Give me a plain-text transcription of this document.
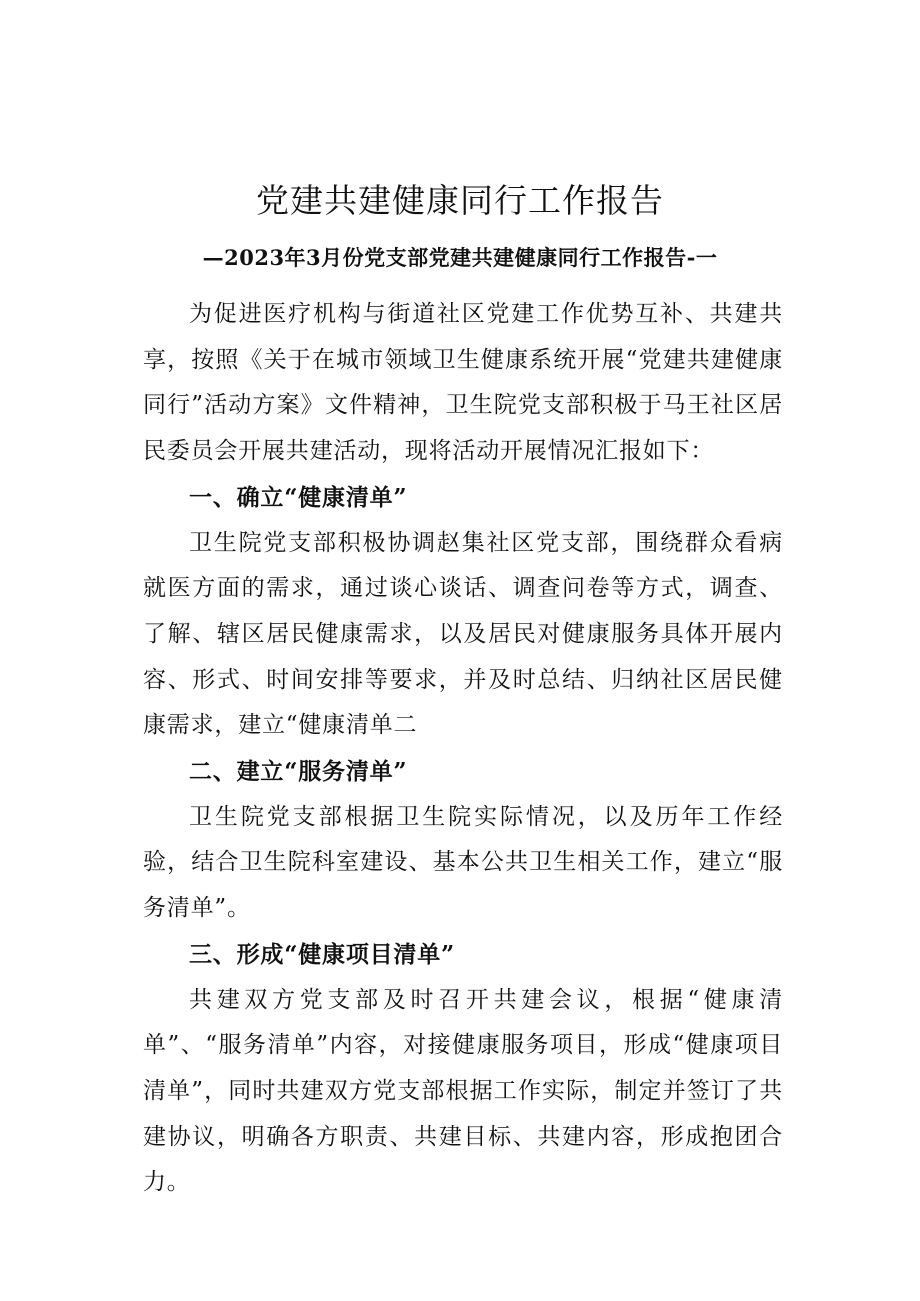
党建共建健康同行工作报告
—2023年3月份党支部党建共建健康同行工作报告-一

为促进医疗机构与街道社区党建工作优势互补、共建共享，按照《关于在城市领域卫生健康系统开展“党建共建健康同行”活动方案》文件精神，卫生院党支部积极于马王社区居民委员会开展共建活动，现将活动开展情况汇报如下：

一、确立“健康清单”

卫生院党支部积极协调赵集社区党支部，围绕群众看病就医方面的需求，通过谈心谈话、调查问卷等方式，调查、了解、辖区居民健康需求，以及居民对健康服务具体开展内容、形式、时间安排等要求，并及时总结、归纳社区居民健康需求，建立“健康清单二

二、建立“服务清单”

卫生院党支部根据卫生院实际情况，以及历年工作经验，结合卫生院科室建设、基本公共卫生相关工作，建立“服务清单”。

三、形成“健康项目清单”

共建双方党支部及时召开共建会议，根据“健康清单”、“服务清单”内容，对接健康服务项目，形成“健康项目清单”，同时共建双方党支部根据工作实际，制定并签订了共建协议，明确各方职责、共建目标、共建内容，形成抱团合力。
